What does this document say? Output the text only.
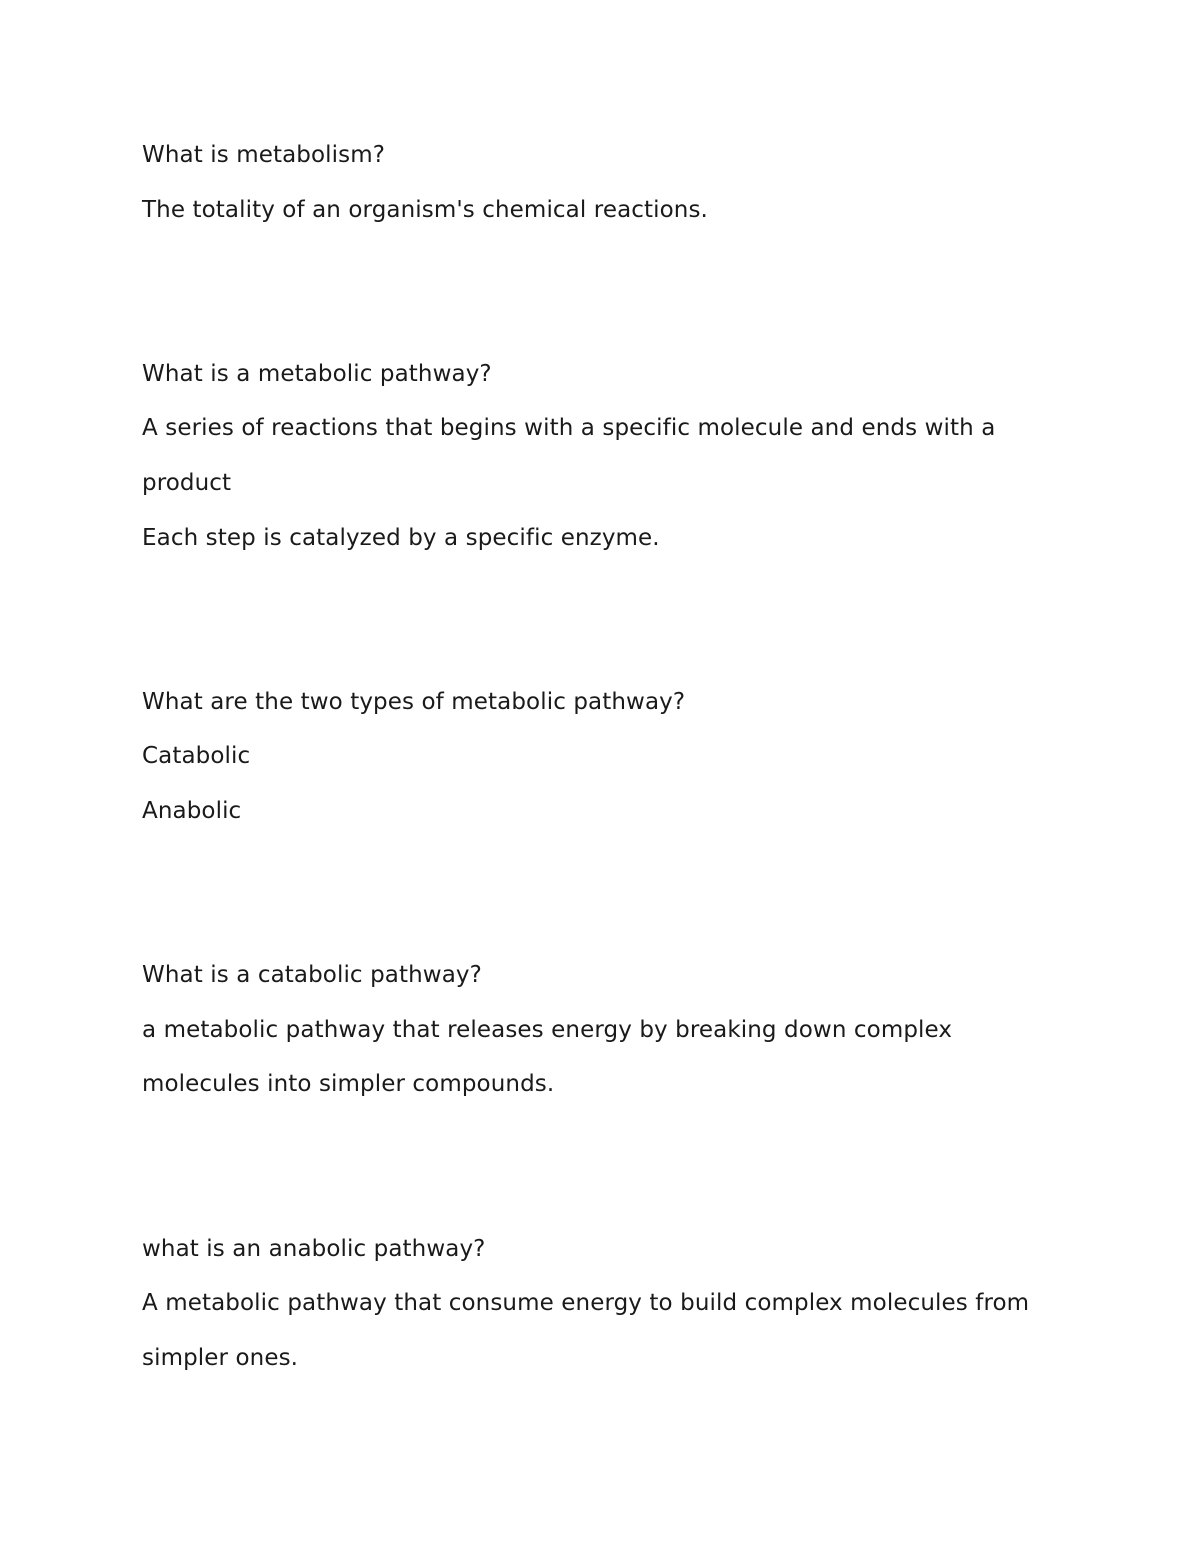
What is metabolism?
The totality of an organism's chemical reactions.
What is a metabolic pathway?
A series of reactions that begins with a specific molecule and ends with a
product
Each step is catalyzed by a specific enzyme.
What are the two types of metabolic pathway?
Catabolic
Anabolic
What is a catabolic pathway?
a metabolic pathway that releases energy by breaking down complex
molecules into simpler compounds.
what is an anabolic pathway?
A metabolic pathway that consume energy to build complex molecules from
simpler ones.
